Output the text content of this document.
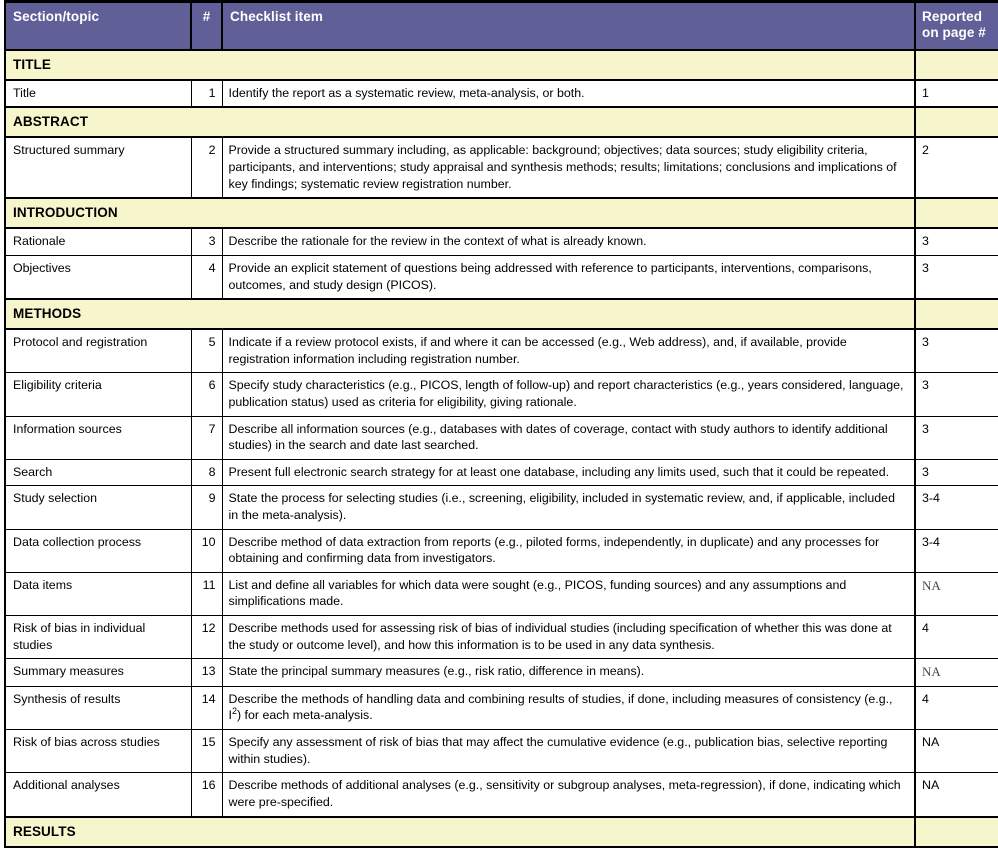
Section/topic	#	Checklist item	Reported
on page #
TITLE			
Title	1	Identify the report as a systematic review, meta-analysis, or both.	1
ABSTRACT			
Structured summary	2	Provide a structured summary including, as applicable: background; objectives; data sources; study eligibility criteria, participants, and interventions; study appraisal and synthesis methods; results; limitations; conclusions and implications of key findings; systematic review registration number.	2
INTRODUCTION			
Rationale	3	Describe the rationale for the review in the context of what is already known.	3
Objectives	4	Provide an explicit statement of questions being addressed with reference to participants, interventions, comparisons, outcomes, and study design (PICOS).	3
METHODS			
Protocol and registration	5	Indicate if a review protocol exists, if and where it can be accessed (e.g., Web address), and, if available, provide registration information including registration number.	3
Eligibility criteria	6	Specify study characteristics (e.g., PICOS, length of follow-up) and report characteristics (e.g., years considered, language, publication status) used as criteria for eligibility, giving rationale.	3
Information sources	7	Describe all information sources (e.g., databases with dates of coverage, contact with study authors to identify additional studies) in the search and date last searched.	3
Search	8	Present full electronic search strategy for at least one database, including any limits used, such that it could be repeated.	3
Study selection	9	State the process for selecting studies (i.e., screening, eligibility, included in systematic review, and, if applicable, included in the meta-analysis).	3-4
Data collection process	10	Describe method of data extraction from reports (e.g., piloted forms, independently, in duplicate) and any processes for obtaining and confirming data from investigators.	3-4
Data items	11	List and define all variables for which data were sought (e.g., PICOS, funding sources) and any assumptions and simplifications made.	NA
Risk of bias in individual studies	12	Describe methods used for assessing risk of bias of individual studies (including specification of whether this was done at the study or outcome level), and how this information is to be used in any data synthesis.	4
Summary measures	13	State the principal summary measures (e.g., risk ratio, difference in means).	NA
Synthesis of results	14	Describe the methods of handling data and combining results of studies, if done, including measures of consistency (e.g., $I^2$) for each meta-analysis.	4
Risk of bias across studies	15	Specify any assessment of risk of bias that may affect the cumulative evidence (e.g., publication bias, selective reporting within studies).	NA
Additional analyses	16	Describe methods of additional analyses (e.g., sensitivity or subgroup analyses, meta-regression), if done, indicating which were pre-specified.	NA
RESULTS			
